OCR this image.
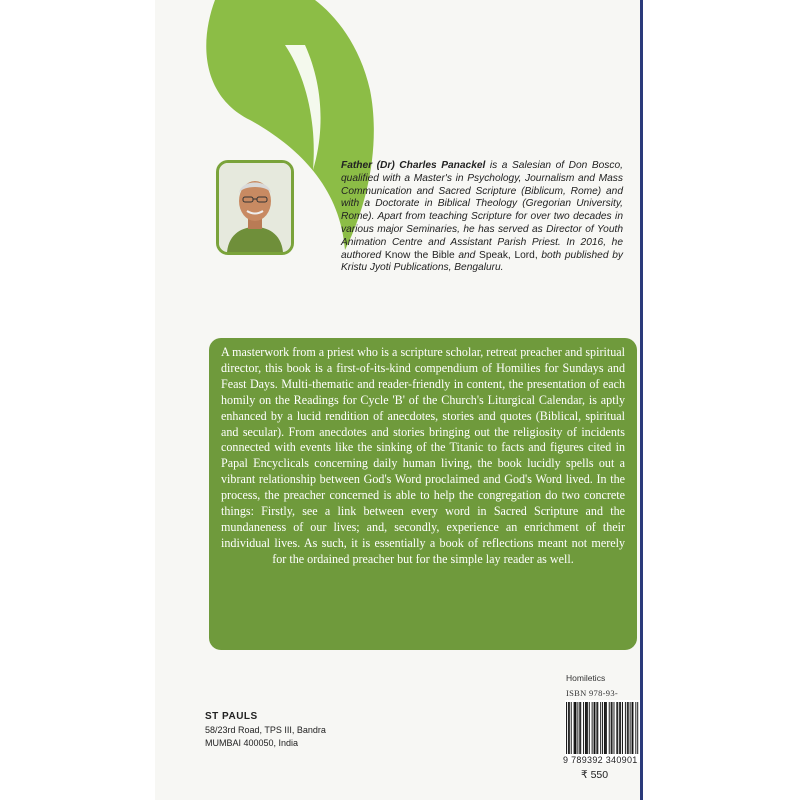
Father (Dr) Charles Panackel is a Salesian of Don Bosco, qualified with a Master's in Psychology, Journalism and Mass Communication and Sacred Scripture (Biblicum, Rome) and with a Doctorate in Biblical Theology (Gregorian University, Rome). Apart from teaching Scripture for over two decades in various major Seminaries, he has served as Director of Youth Animation Centre and Assistant Parish Priest. In 2016, he authored Know the Bible and Speak, Lord, both published by Kristu Jyoti Publications, Bengaluru.

A masterwork from a priest who is a scripture scholar, retreat preacher and spiritual director, this book is a first-of-its-kind compendium of Homilies for Sundays and Feast Days. Multi-thematic and reader-friendly in content, the presentation of each homily on the Readings for Cycle 'B' of the Church's Liturgical Calendar, is aptly enhanced by a lucid rendition of anecdotes, stories and quotes (Biblical, spiritual and secular). From anecdotes and stories bringing out the religiosity of incidents connected with events like the sinking of the Titanic to facts and figures cited in Papal Encyclicals concerning daily human living, the book lucidly spells out a vibrant relationship between God's Word proclaimed and God's Word lived. In the process, the preacher concerned is able to help the congregation do two concrete things: Firstly, see a link between every word in Sacred Scripture and the mundaneness of our lives; and, secondly, experience an enrichment of their individual lives. As such, it is essentially a book of reflections meant not merely for the ordained preacher but for the simple lay reader as well.

ST PAULS
58/23rd Road, TPS III, Bandra
MUMBAI 400050, India
Homiletics
ISBN 978-93-
9 789392 340901
₹ 550
